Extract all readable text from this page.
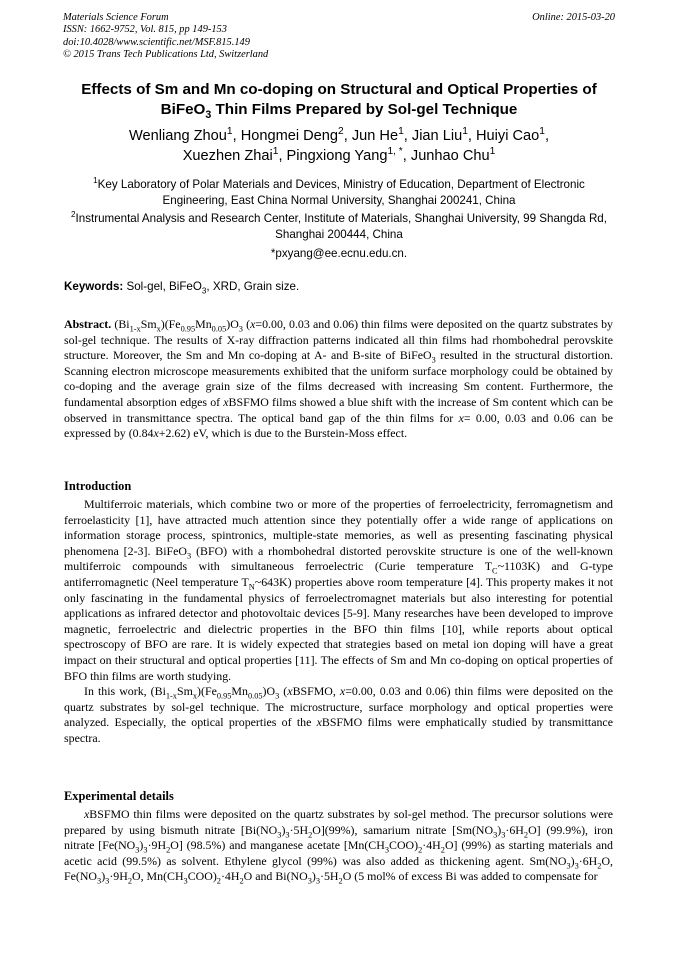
Materials Science Forum
ISSN: 1662-9752, Vol. 815, pp 149-153
doi:10.4028/www.scientific.net/MSF.815.149
© 2015 Trans Tech Publications Ltd, Switzerland
Online: 2015-03-20
Effects of Sm and Mn co-doping on Structural and Optical Properties of
BiFeO$_3$ Thin Films Prepared by Sol-gel Technique
Wenliang Zhou$^1$, Hongmei Deng$^2$, Jun He$^1$, Jian Liu$^1$, Huiyi Cao$^1$,
Xuezhen Zhai$^1$, Pingxiong Yang$^{1, *}$, Junhao Chu$^1$
$^1$Key Laboratory of Polar Materials and Devices, Ministry of Education, Department of Electronic Engineering, East China Normal University, Shanghai 200241, China
$^2$Instrumental Analysis and Research Center, Institute of Materials, Shanghai University, 99 Shangda Rd, Shanghai 200444, China
*pxyang@ee.ecnu.edu.cn.
Keywords: Sol-gel, BiFeO$_3$, XRD, Grain size.

Abstract. $(Bi_{1-x}Sm_x)(Fe_{0.95}Mn_{0.05})O_3$ (x=0.00, 0.03 and 0.06) thin films were deposited on the quartz substrates by sol-gel technique. The results of X-ray diffraction patterns indicated all thin films had rhombohedral perovskite structure. Moreover, the Sm and Mn co-doping at A- and B-site of BiFeO$_3$ resulted in the structural distortion. Scanning electron microscope measurements exhibited that the uniform surface morphology could be obtained by co-doping and the average grain size of the films decreased with increasing Sm content. Furthermore, the fundamental absorption edges of xBSFMO films showed a blue shift with the increase of Sm content which can be observed in transmittance spectra. The optical band gap of the thin films for x= 0.00, 0.03 and 0.06 can be expressed by (0.84x+2.62) eV, which is due to the Burstein-Moss effect.

Introduction

Multiferroic materials, which combine two or more of the properties of ferroelectricity, ferromagnetism and ferroelasticity [1], have attracted much attention since they potentially offer a wide range of applications on information storage process, spintronics, multiple-state memories, as well as presenting fascinating physical phenomena [2-3]. BiFeO$_3$ (BFO) with a rhombohedral distorted perovskite structure is one of the well-known multiferroic compounds with simultaneous ferroelectric (Curie temperature $T_C\sim 1103K$) and G-type antiferromagnetic (Neel temperature $T_N\sim 643K$) properties above room temperature [4]. This property makes it not only fascinating in the fundamental physics of ferroelectromagnet materials but also interesting for potential applications as infrared detector and photovoltaic devices [5-9]. Many researches have been developed to improve magnetic, ferroelectric and dielectric properties in the BFO thin films [10], while reports about optical spectroscopy of BFO are rare. It is widely expected that strategies based on metal ion doping will have a great impact on their structural and optical properties [11]. The effects of Sm and Mn co-doping on optical properties of BFO thin films are worth studying.

In this work, $(Bi_{1-x}Sm_x)(Fe_{0.95}Mn_{0.05})O_3$ (xBSFMO, x=0.00, 0.03 and 0.06) thin films were deposited on the quartz substrates by sol-gel technique. The microstructure, surface morphology and optical properties were analyzed. Especially, the optical properties of the xBSFMO films were emphatically studied by transmittance spectra.

Experimental details

xBSFMO thin films were deposited on the quartz substrates by sol-gel method. The precursor solutions were prepared by using bismuth nitrate $[Bi(NO_3)_3\cdot 5H_2O](99\%)$, samarium nitrate $[Sm(NO_3)_3\cdot 6H_2O]$ (99.9%), iron nitrate $[Fe(NO_3)_3\cdot 9H_2O]$ (98.5%) and manganese acetate $[Mn(CH_3COO)_2\cdot 4H_2O]$ (99%) as starting materials and acetic acid (99.5%) as solvent. Ethylene glycol (99%) was also added as thickening agent. $Sm(NO_3)_3\cdot 6H_2O$, $Fe(NO_3)_3\cdot 9H_2O$, $Mn(CH_3COO)_2\cdot 4H_2O$ and $Bi(NO_3)_3\cdot 5H_2O$ (5 mol% of excess Bi was added to compensate for
